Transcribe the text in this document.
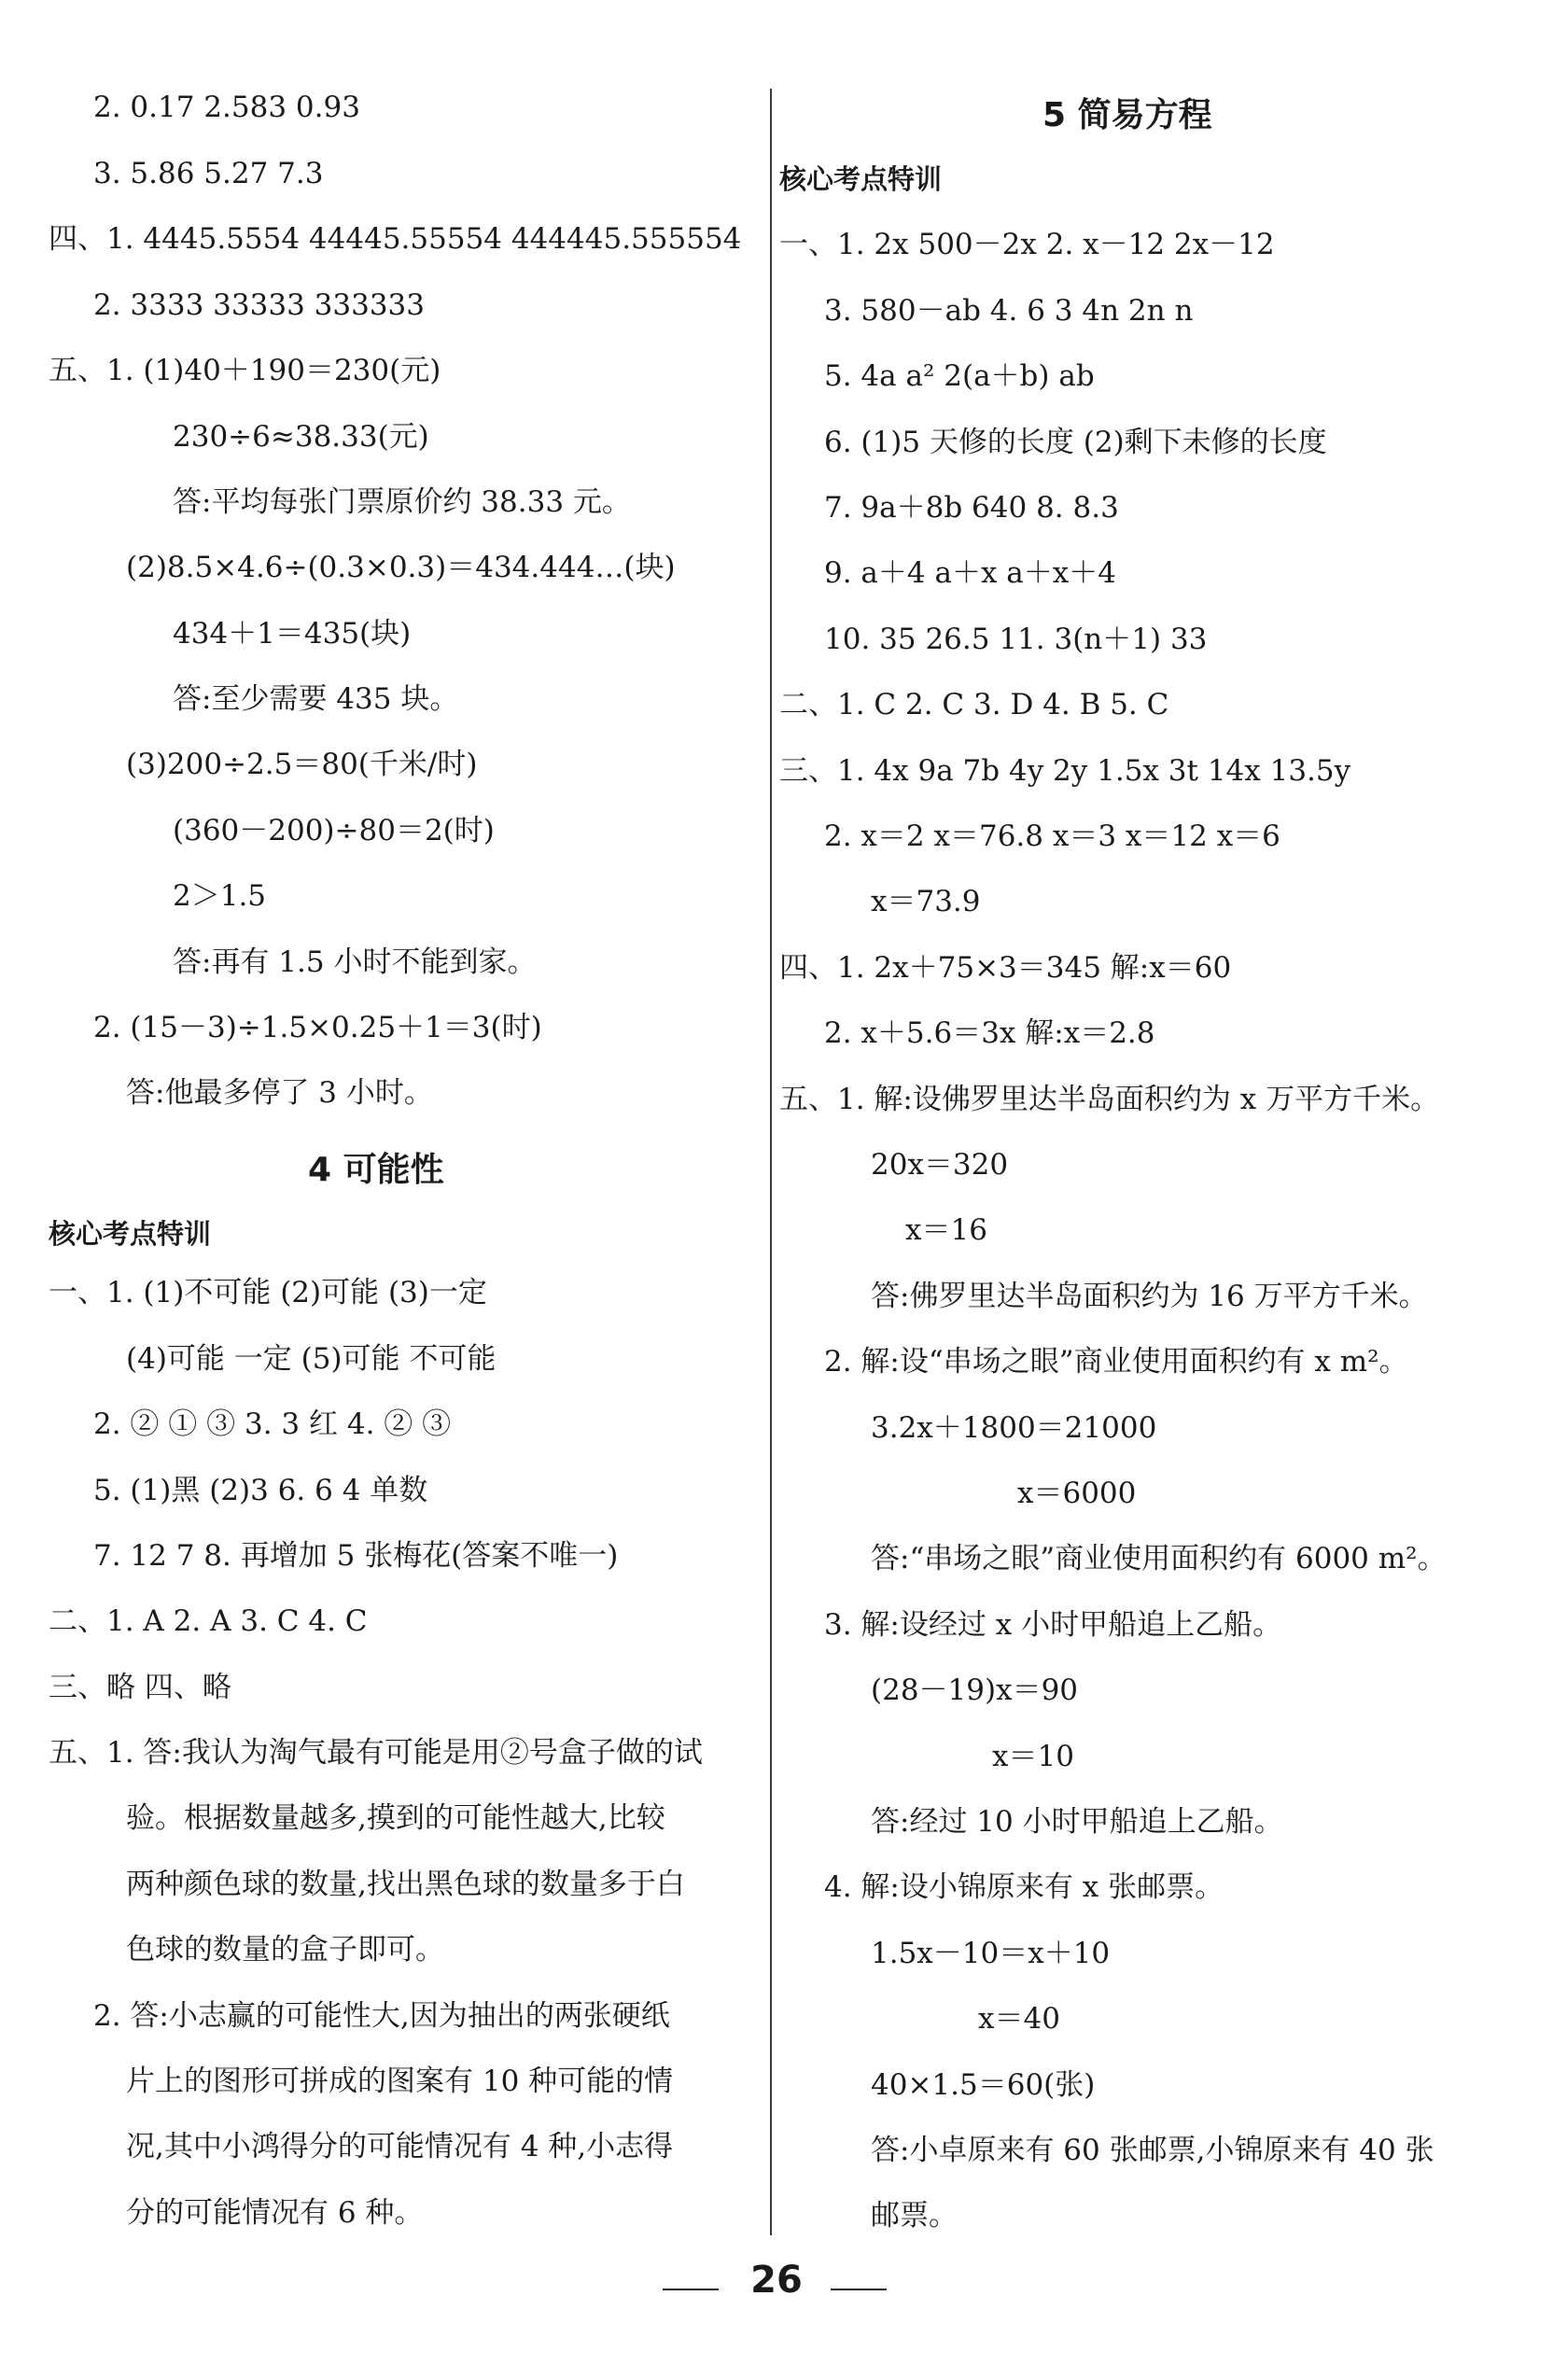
4 可能性
核心考点特训
2. 0.17 2.583 0.93
3. 5.86 5.27 7.3
四、1. 4445.5554 44445.55554 444445.555554
2. 3333 33333 333333
五、1. (1)40＋190＝230(元)
230÷6≈38.33(元)
答:平均每张门票原价约 38.33 元。
(2)8.5×4.6÷(0.3×0.3)＝434.444…(块)
434＋1＝435(块)
答:至少需要 435 块。
(3)200÷2.5＝80(千米/时)
(360－200)÷80＝2(时)
2＞1.5
答:再有 1.5 小时不能到家。
2. (15－3)÷1.5×0.25＋1＝3(时)
答:他最多停了 3 小时。
一、1. (1)不可能 (2)可能 (3)一定
(4)可能 一定 (5)可能 不可能
2. ② ① ③ 3. 3 红 4. ② ③
5. (1)黑 (2)3 6. 6 4 单数
7. 12 7 8. 再增加 5 张梅花(答案不唯一)
二、1. A 2. A 3. C 4. C
三、略 四、略
五、1. 答:我认为淘气最有可能是用②号盒子做的试
验。根据数量越多,摸到的可能性越大,比较
两种颜色球的数量,找出黑色球的数量多于白
色球的数量的盒子即可。
2. 答:小志赢的可能性大,因为抽出的两张硬纸
片上的图形可拼成的图案有 10 种可能的情
况,其中小鸿得分的可能情况有 4 种,小志得
分的可能情况有 6 种。
5 简易方程
核心考点特训
一、1. 2x 500－2x 2. x－12 2x－12
3. 580－ab 4. 6 3 4n 2n n
5. 4a a² 2(a＋b) ab
6. (1)5 天修的长度 (2)剩下未修的长度
7. 9a＋8b 640 8. 8.3
9. a＋4 a＋x a＋x＋4
10. 35 26.5 11. 3(n＋1) 33
二、1. C 2. C 3. D 4. B 5. C
三、1. 4x 9a 7b 4y 2y 1.5x 3t 14x 13.5y
2. x＝2 x＝76.8 x＝3 x＝12 x＝6
x＝73.9
四、1. 2x＋75×3＝345 解:x＝60
2. x＋5.6＝3x 解:x＝2.8
五、1. 解:设佛罗里达半岛面积约为 x 万平方千米。
20x＝320
x＝16
答:佛罗里达半岛面积约为 16 万平方千米。
2. 解:设“串场之眼”商业使用面积约有 x m²。
3.2x＋1800＝21000
x＝6000
答:“串场之眼”商业使用面积约有 6000 m²。
3. 解:设经过 x 小时甲船追上乙船。
(28－19)x＝90
x＝10
答:经过 10 小时甲船追上乙船。
4. 解:设小锦原来有 x 张邮票。
1.5x－10＝x＋10
x＝40
40×1.5＝60(张)
答:小卓原来有 60 张邮票,小锦原来有 40 张
邮票。
26
